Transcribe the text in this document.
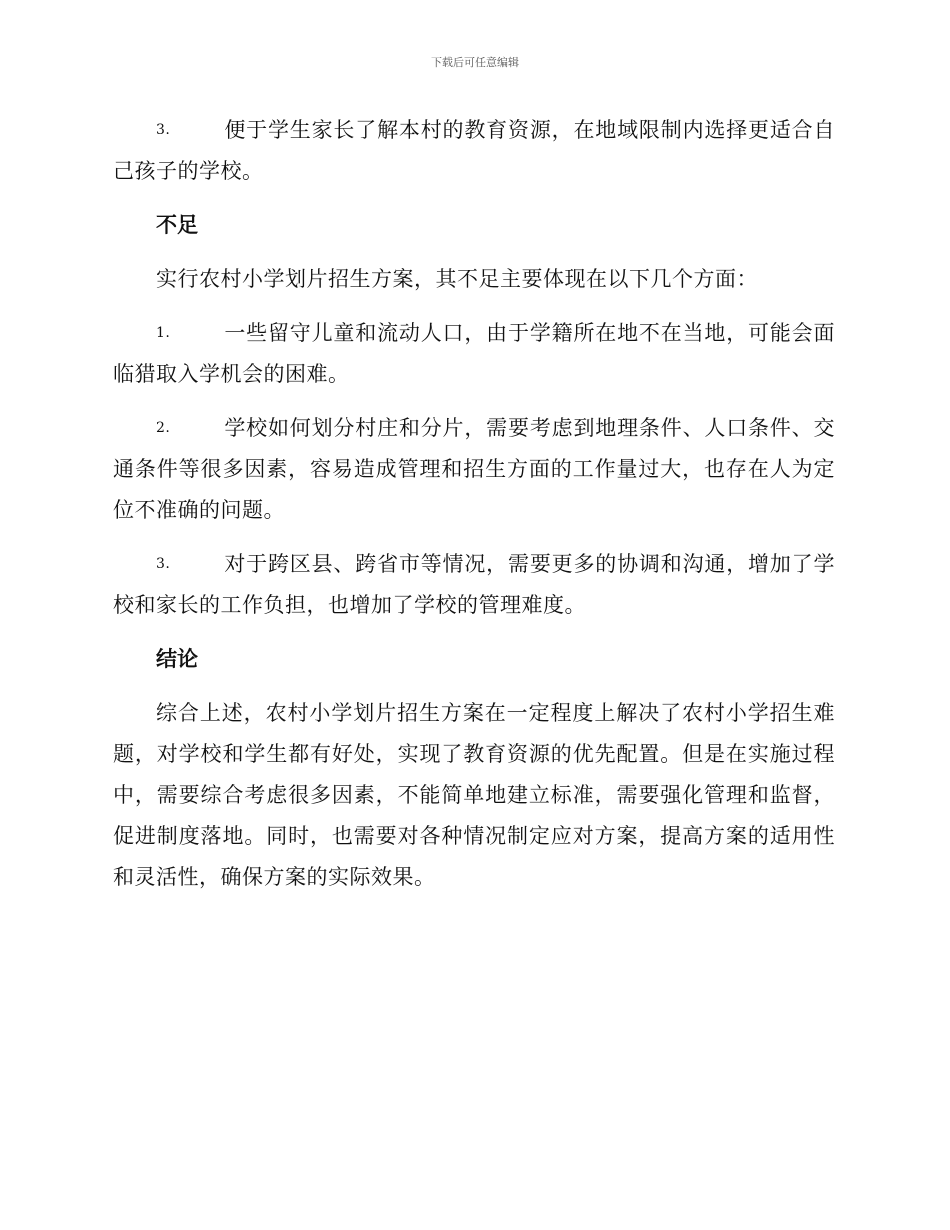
下载后可任意编辑

3.	便于学生家长了解本村的教育资源，在地域限制内选择更适合自己孩子的学校。

不足

实行农村小学划片招生方案，其不足主要体现在以下几个方面：

1.	一些留守儿童和流动人口，由于学籍所在地不在当地，可能会面临猎取入学机会的困难。

2.	学校如何划分村庄和分片，需要考虑到地理条件、人口条件、交通条件等很多因素，容易造成管理和招生方面的工作量过大，也存在人为定位不准确的问题。

3.	对于跨区县、跨省市等情况，需要更多的协调和沟通，增加了学校和家长的工作负担，也增加了学校的管理难度。

结论

综合上述，农村小学划片招生方案在一定程度上解决了农村小学招生难题，对学校和学生都有好处，实现了教育资源的优先配置。但是在实施过程中，需要综合考虑很多因素，不能简单地建立标准，需要强化管理和监督，促进制度落地。同时，也需要对各种情况制定应对方案，提高方案的适用性和灵活性，确保方案的实际效果。
